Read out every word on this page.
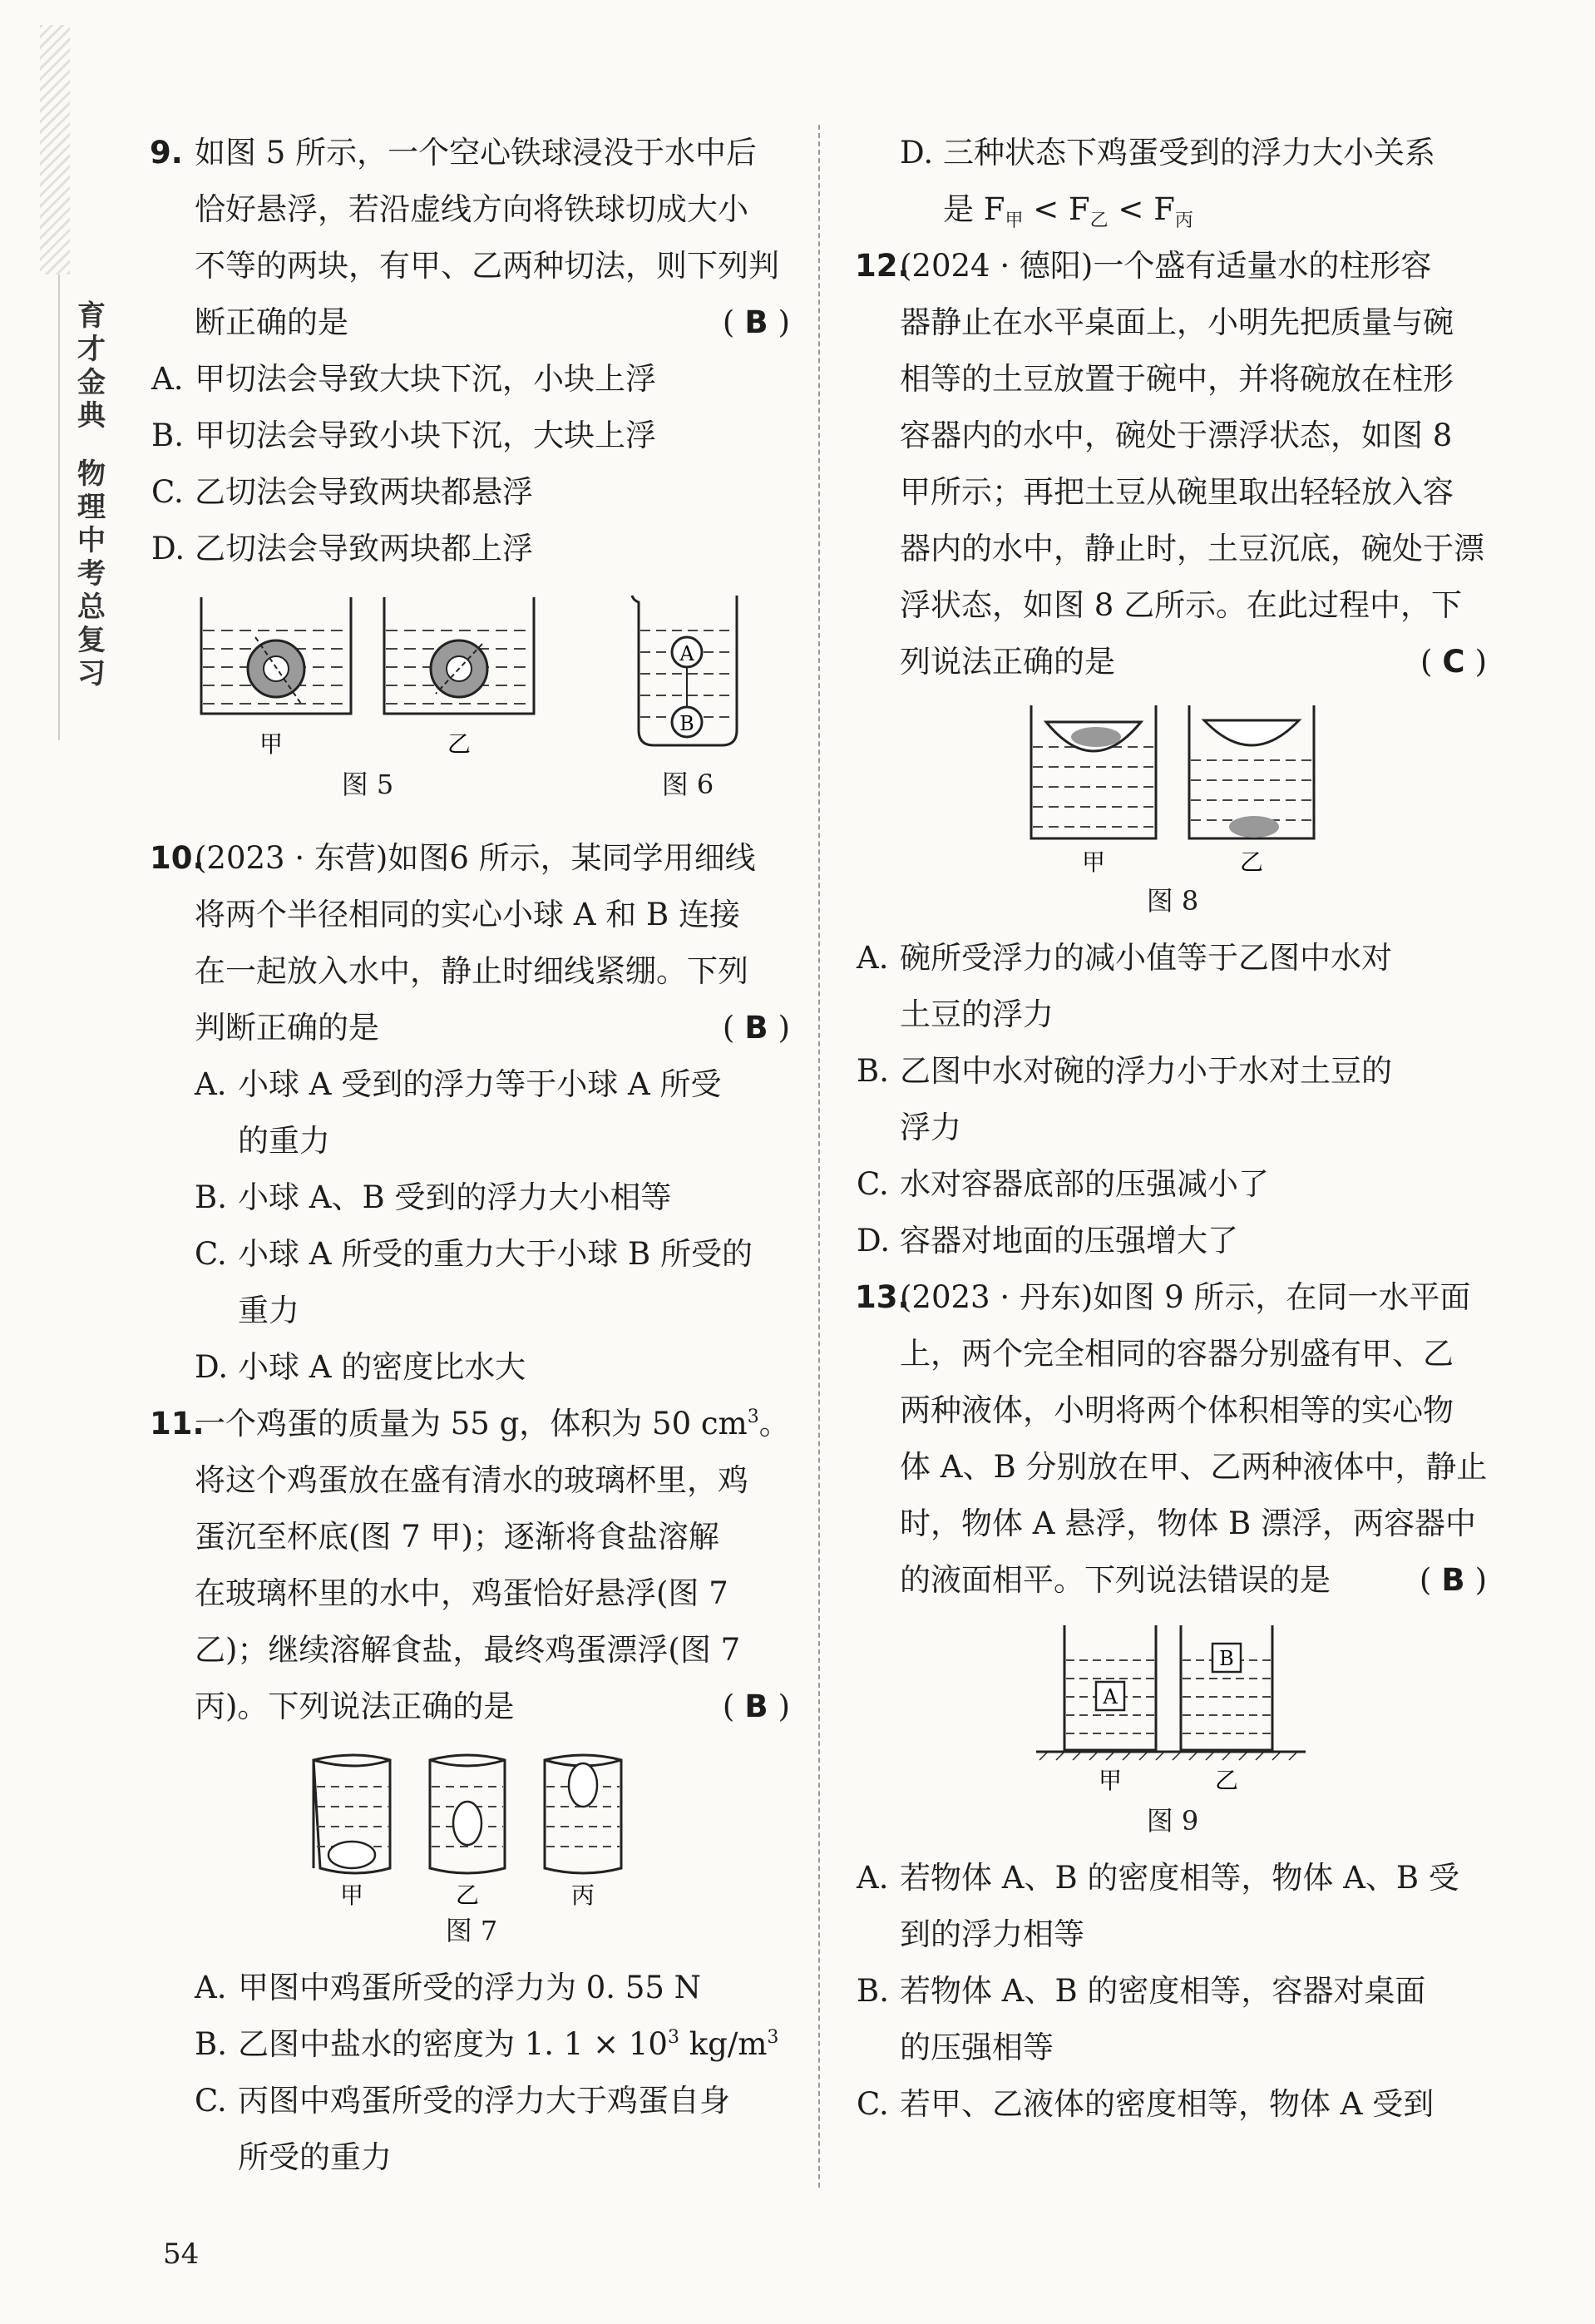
育
才
金
典
物
理
中
考
总
复
习
9. 如图 5 所示，一个空心铁球浸没于水中后
恰好悬浮，若沿虚线方向将铁球切成大小
不等的两块，有甲、乙两种切法，则下列判
断正确的是	( B )
A. 甲切法会导致大块下沉，小块上浮
B. 甲切法会导致小块下沉，大块上浮
C. 乙切法会导致两块都悬浮
D. 乙切法会导致两块都上浮
甲	乙
图 5
A
B
图 6
10.
(2023 · 东营)如图6 所示，某同学用细线
将两个半径相同的实心小球 A 和 B 连接
在一起放入水中，静止时细线紧绷。下列
判断正确的是	( B )
A. 小球 A 受到的浮力等于小球 A 所受
的重力
B. 小球 A、B 受到的浮力大小相等
C. 小球 A 所受的重力大于小球 B 所受的
重力
D. 小球 A 的密度比水大
11.
一个鸡蛋的质量为 55 g，体积为 50 $cm^3$。
将这个鸡蛋放在盛有清水的玻璃杯里，鸡
蛋沉至杯底(图 7 甲)；逐渐将食盐溶解
在玻璃杯里的水中，鸡蛋恰好悬浮(图 7
乙)；继续溶解食盐，最终鸡蛋漂浮(图 7
丙)。下列说法正确的是	( B )
甲	乙	丙
图 7
A. 甲图中鸡蛋所受的浮力为 0. 55 N
B. 乙图中盐水的密度为 1. $1 \times 10^3$ $kg/m^3$
C. 丙图中鸡蛋所受的浮力大于鸡蛋自身
所受的重力
D. 三种状态下鸡蛋受到的浮力大小关系
是 $F_甲 < F_乙 < F_丙$
12.
(2024 · 德阳)一个盛有适量水的柱形容
器静止在水平桌面上，小明先把质量与碗
相等的土豆放置于碗中，并将碗放在柱形
容器内的水中，碗处于漂浮状态，如图 8
甲所示；再把土豆从碗里取出轻轻放入容
器内的水中，静止时，土豆沉底，碗处于漂
浮状态，如图 8 乙所示。在此过程中，下
列说法正确的是	( C )
甲	乙
图 8
A. 碗所受浮力的减小值等于乙图中水对
土豆的浮力
B. 乙图中水对碗的浮力小于水对土豆的
浮力
C. 水对容器底部的压强减小了
D. 容器对地面的压强增大了
13.
(2023 · 丹东)如图 9 所示，在同一水平面
上，两个完全相同的容器分别盛有甲、乙
两种液体，小明将两个体积相等的实心物
体 A、B 分别放在甲、乙两种液体中，静止
时，物体 A 悬浮，物体 B 漂浮，两容器中
的液面相平。下列说法错误的是	( B )
A
B
甲	乙
图 9
A. 若物体 A、B 的密度相等，物体 A、B 受
到的浮力相等
B. 若物体 A、B 的密度相等，容器对桌面
的压强相等
C. 若甲、乙液体的密度相等，物体 A 受到
54
